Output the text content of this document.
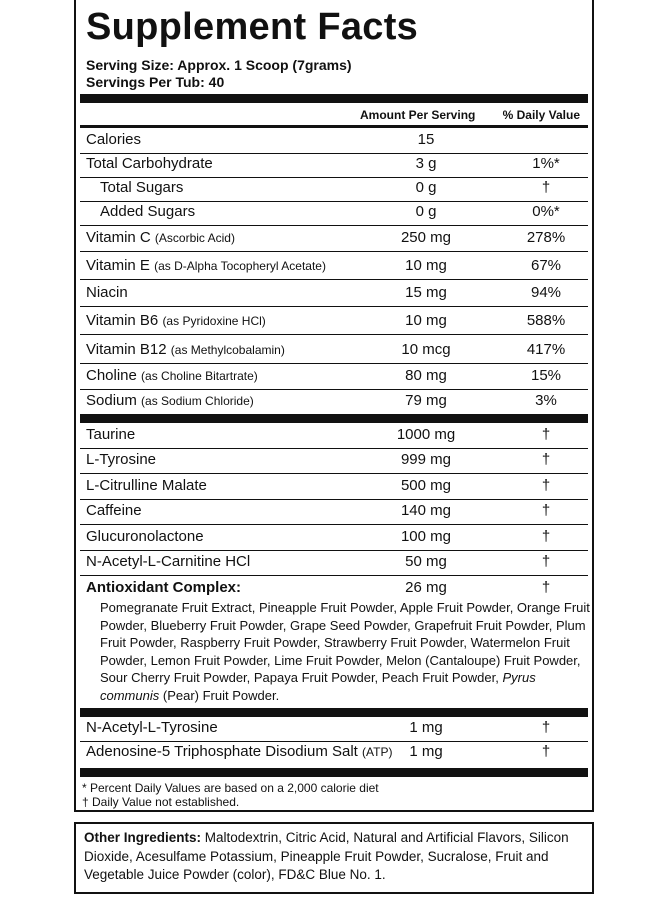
Supplement Facts
Serving Size: Approx. 1 Scoop (7grams)
Servings Per Tub: 40
Amount Per Serving % Daily Value
Calories	15
Total Carbohydrate	3 g	1%*
Total Sugars	0 g	†
Added Sugars	0 g	0%*
Vitamin C (Ascorbic Acid)	250 mg	278%
Vitamin E (as D-Alpha Tocopheryl Acetate)	10 mg	67%
Niacin	15 mg	94%
Vitamin B6 (as Pyridoxine HCl)	10 mg	588%
Vitamin B12 (as Methylcobalamin)	10 mcg	417%
Choline (as Choline Bitartrate)	80 mg	15%
Sodium (as Sodium Chloride)	79 mg	3%
Taurine	1000 mg	†
L-Tyrosine	999 mg	†
L-Citrulline Malate	500 mg	†
Caffeine	140 mg	†
Glucuronolactone	100 mg	†
N-Acetyl-L-Carnitine HCl	50 mg	†
Antioxidant Complex:	26 mg	†
Pomegranate Fruit Extract, Pineapple Fruit Powder, Apple Fruit Powder, Orange Fruit Powder, Blueberry Fruit Powder, Grape Seed Powder, Grapefruit Fruit Powder, Plum Fruit Powder, Raspberry Fruit Powder, Strawberry Fruit Powder, Watermelon Fruit Powder, Lemon Fruit Powder, Lime Fruit Powder, Melon (Cantaloupe) Fruit Powder, Sour Cherry Fruit Powder, Papaya Fruit Powder, Peach Fruit Powder, Pyrus communis (Pear) Fruit Powder.
N-Acetyl-L-Tyrosine	1 mg	†
Adenosine-5 Triphosphate Disodium Salt (ATP)	1 mg	†
* Percent Daily Values are based on a 2,000 calorie diet
† Daily Value not established.
Other Ingredients: Maltodextrin, Citric Acid, Natural and Artificial Flavors, Silicon Dioxide, Acesulfame Potassium, Pineapple Fruit Powder, Sucralose, Fruit and Vegetable Juice Powder (color), FD&C Blue No. 1.
